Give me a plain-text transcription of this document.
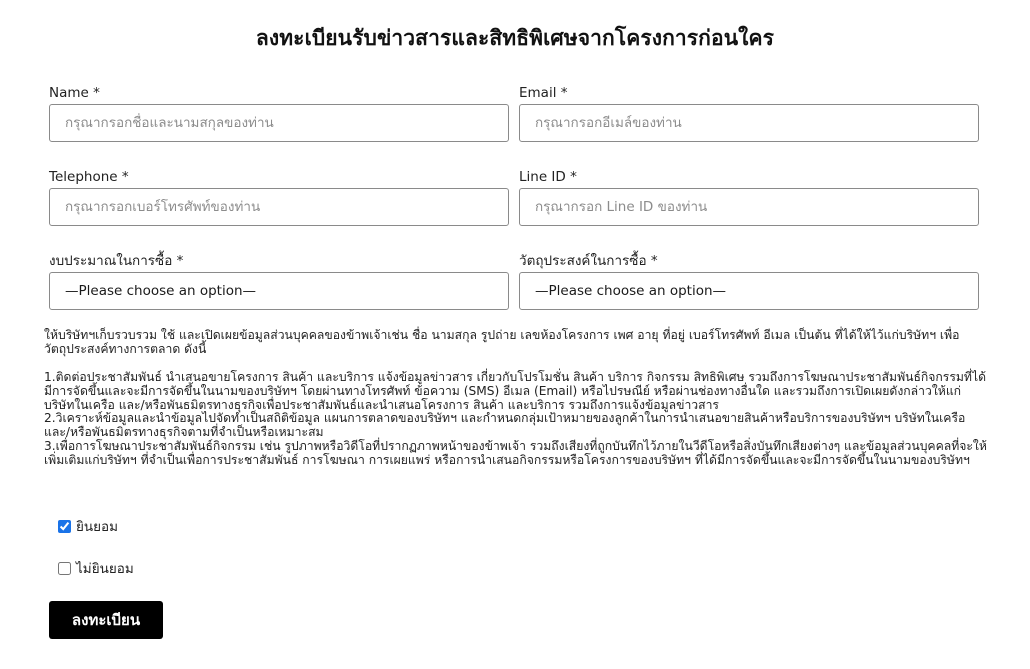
ลงทะเบียนรับข่าวสารและสิทธิพิเศษจากโครงการก่อนใคร
Name *
กรุณากรอกชื่อและนามสกุลของท่าน	Email *
กรุณากรอกอีเมล์ของท่าน
Telephone *
กรุณากรอกเบอร์โทรศัพท์ของท่าน	Line ID *
กรุณากรอก Line ID ของท่าน
งบประมาณในการซื้อ *
—Please choose an option—
วัตถุประสงค์ในการซื้อ *
—Please choose an option—
ให้บริษัทฯเก็บรวบรวม ใช้ และเปิดเผยข้อมูลส่วนบุคคลของข้าพเจ้าเช่น ชื่อ นามสกุล รูปถ่าย เลขห้องโครงการ เพศ อายุ ที่อยู่ เบอร์โทรศัพท์ อีเมล เป็นต้น ที่ได้ให้ไว้แก่บริษัทฯ เพื่อวัตถุประสงค์ทางการตลาด ดังนี้

1.ติดต่อประชาสัมพันธ์ นำเสนอขายโครงการ สินค้า และบริการ แจ้งข้อมูลข่าวสาร เกี่ยวกับโปรโมชั่น สินค้า บริการ กิจกรรม สิทธิพิเศษ รวมถึงการโฆษณาประชาสัมพันธ์กิจกรรมที่ได้มีการจัดขึ้นและจะมีการจัดขึ้นในนามของบริษัทฯ โดยผ่านทางโทรศัพท์ ข้อความ (SMS) อีเมล (Email) หรือไปรษณีย์ หรือผ่านช่องทางอื่นใด และรวมถึงการเปิดเผยดังกล่าวให้แก่บริษัทในเครือ และ/หรือพันธมิตรทางธุรกิจเพื่อประชาสัมพันธ์และนำเสนอโครงการ สินค้า และบริการ รวมถึงการแจ้งข้อมูลข่าวสาร
2.วิเคราะห์ข้อมูลและนำข้อมูลไปจัดทำเป็นสถิติข้อมูล แผนการตลาดของบริษัทฯ และกำหนดกลุ่มเป้าหมายของลูกค้าในการนำเสนอขายสินค้าหรือบริการของบริษัทฯ บริษัทในเครือ และ/หรือพันธมิตรทางธุรกิจตามที่จำเป็นหรือเหมาะสม
3.เพื่อการโฆษณาประชาสัมพันธ์กิจกรรม เช่น รูปภาพหรือวิดีโอที่ปรากฏภาพหน้าของข้าพเจ้า รวมถึงเสียงที่ถูกบันทึกไว้ภายในวีดีโอหรือสิ่งบันทึกเสียงต่างๆ และข้อมูลส่วนบุคคลที่จะให้เพิ่มเติมแก่บริษัทฯ ที่จำเป็นเพื่อการประชาสัมพันธ์ การโฆษณา การเผยแพร่ หรือการนำเสนอกิจกรรมหรือโครงการของบริษัทฯ ที่ได้มีการจัดขึ้นและจะมีการจัดขึ้นในนามของบริษัทฯ
ยินยอม
ไม่ยินยอม
ลงทะเบียน
